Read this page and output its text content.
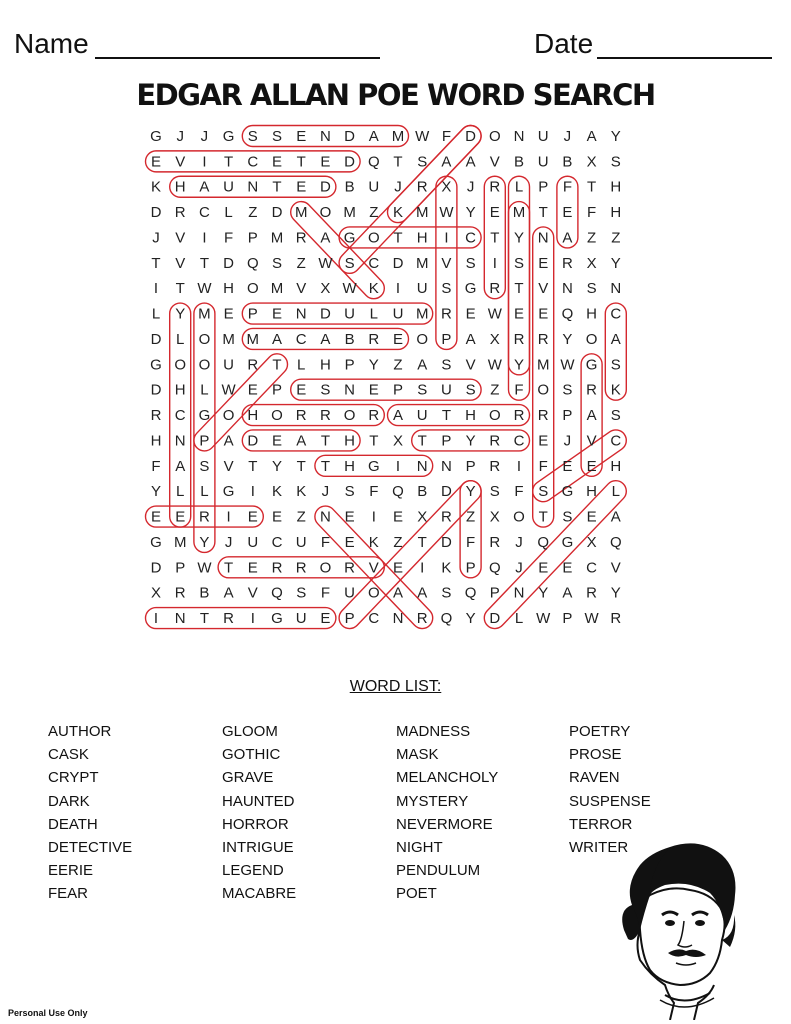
Name	Date
EDGAR ALLAN POE WORD SEARCH
G J J G S S E N D A M W F D O N U J A Y
E V I T C E T E D Q T S A A V B U B X S
K H A U N T E D B U J R X J R L P F T H
D R C L Z D M O M Z K M W Y E M T E F H
J V I F P M R A G O T H I C T Y N A Z Z
T V T D Q S Z W S C D M V S I S E R X Y
I T W H O M V X W K I U S G R T V N S N
L Y M E P E N D U L U M R E W E E Q H C
D L O M M A C A B R E O P A X R R Y O A
G O O U R T L H P Y Z A S V W Y M W G S
D H L W E P E S N E P S U S Z F O S R K
R C G O H O R R O R A U T H O R R P A S
H N P A D E A T H T X T P Y R C E J V C
F A S V T Y T T H G I N N P R I F E E H
Y L L G I K K J S F Q B D Y S F S G H L
E E R I E E Z N E I E X R Z X O T S E A
G M Y J U C U F E K Z T D F R J Q G X Q
D P W T E R R O R V E I K P Q J E E C V
X R B A V Q S F U O A A S Q P N Y A R Y
I N T R I G U E P C N R Q Y D L W P W R
WORD LIST:
AUTHOR
CASK
CRYPT
DARK
DEATH
DETECTIVE
EERIE
FEAR
GLOOM
GOTHIC
GRAVE
HAUNTED
HORROR
INTRIGUE
LEGEND
MACABRE
MADNESS
MASK
MELANCHOLY
MYSTERY
NEVERMORE
NIGHT
PENDULUM
POET
POETRY
PROSE
RAVEN
SUSPENSE
TERROR
WRITER
Personal Use Only
